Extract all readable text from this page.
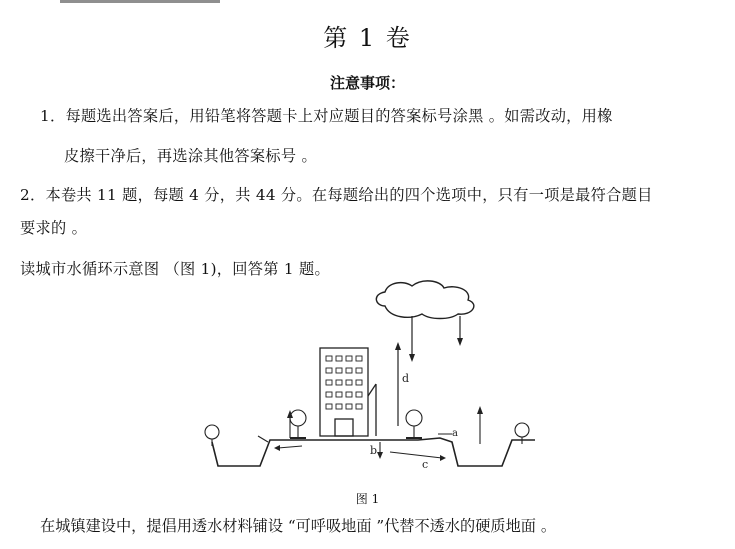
第 1 卷
注意事项：
1．每题选出答案后，用铅笔将答题卡上对应题目的答案标号涂黑 。如需改动，用橡
皮擦干净后，再选涂其他答案标号 。
2．本卷共 11 题，每题 4 分，共 44 分。在每题给出的四个选项中，只有一项是最符合题目
要求的 。
读城市水循环示意图 （图 1)，回答第 1 题。
d
a
b
c
图 1
在城镇建设中，提倡用透水材料铺设 “可呼吸地面 ”代替不透水的硬质地面 。
